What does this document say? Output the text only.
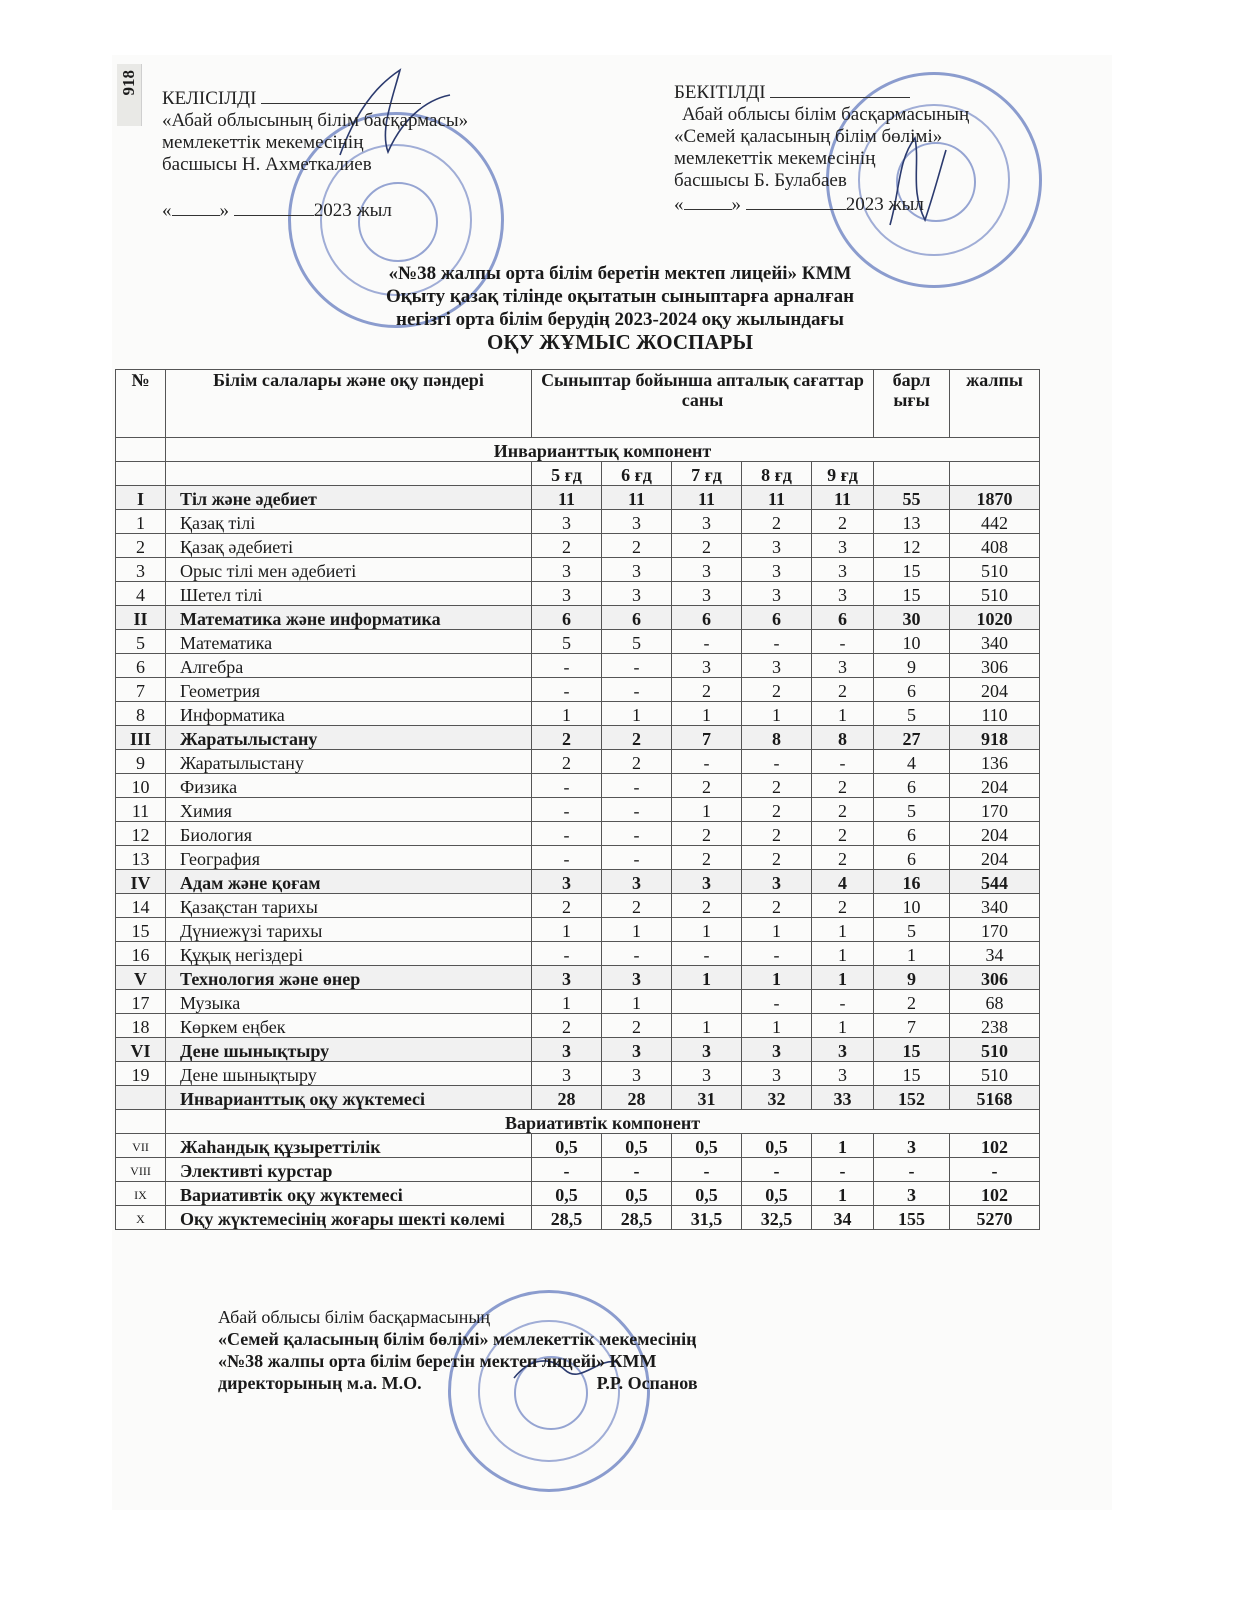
918
КЕЛІСІЛДІ
«Абай облысының білім басқармасы»
мемлекеттік мекемесінің
басшысы Н. Ахметкалиев
«	»	2023 жыл
БЕКІТІЛДІ
Абай облысы білім басқармасының
«Семей қаласының білім бөлімі»
мемлекеттік мекемесінің
басшысы Б. Булабаев
«	»	2023 жыл
«№38 жалпы орта білім беретін мектеп лицейі» КММ
Оқыту қазақ тілінде оқытатын сыныптарға арналған
негізгі орта білім берудің 2023-2024 оқу жылындағы
ОҚУ ЖҰМЫС ЖОСПАРЫ
№	Білім салалары және оқу пәндері	Сыныптар бойынша апталық сағаттар саны					барл ығы	жалпы
	Инварианттық компонент							
		5 ғд	6 ғд	7 ғд	8 ғд	9 ғд		
I	Тіл және әдебиет	11	11	11	11	11	55	1870
1	Қазақ тілі	3	3	3	2	2	13	442
2	Қазақ әдебиеті	2	2	2	3	3	12	408
3	Орыс тілі мен әдебиеті	3	3	3	3	3	15	510
4	Шетел тілі	3	3	3	3	3	15	510
II	Математика және информатика	6	6	6	6	6	30	1020
5	Математика	5	5	-	-	-	10	340
6	Алгебра	-	-	3	3	3	9	306
7	Геометрия	-	-	2	2	2	6	204
8	Информатика	1	1	1	1	1	5	110
III	Жаратылыстану	2	2	7	8	8	27	918
9	Жаратылыстану	2	2	-	-	-	4	136
10	Физика	-	-	2	2	2	6	204
11	Химия	-	-	1	2	2	5	170
12	Биология	-	-	2	2	2	6	204
13	География	-	-	2	2	2	6	204
IV	Адам және қоғам	3	3	3	3	4	16	544
14	Қазақстан тарихы	2	2	2	2	2	10	340
15	Дүниежүзі тарихы	1	1	1	1	1	5	170
16	Құқық негіздері	-	-	-	-	1	1	34
V	Технология және өнер	3	3	1	1	1	9	306
17	Музыка	1	1		-	-	2	68
18	Көркем еңбек	2	2	1	1	1	7	238
VI	Дене шынықтыру	3	3	3	3	3	15	510
19	Дене шынықтыру	3	3	3	3	3	15	510
	Инварианттық оқу жүктемесі	28	28	31	32	33	152	5168
	Вариативтік компонент							
VII	Жаһандық құзыреттілік	0,5	0,5	0,5	0,5	1	3	102
VIII	Элективті курстар	-	-	-	-	-	-	-
IX	Вариативтік оқу жүктемесі	0,5	0,5	0,5	0,5	1	3	102
X	Оқу жүктемесінің жоғары шекті көлемі	28,5	28,5	31,5	32,5	34	155	5270
Абай облысы білім басқармасының
«Семей қаласының білім бөлімі» мемлекеттік мекемесінің
«№38 жалпы орта білім беретін мектеп лицейі» КММ
директорының м.а. М.О.	Р.Р. Оспанов
